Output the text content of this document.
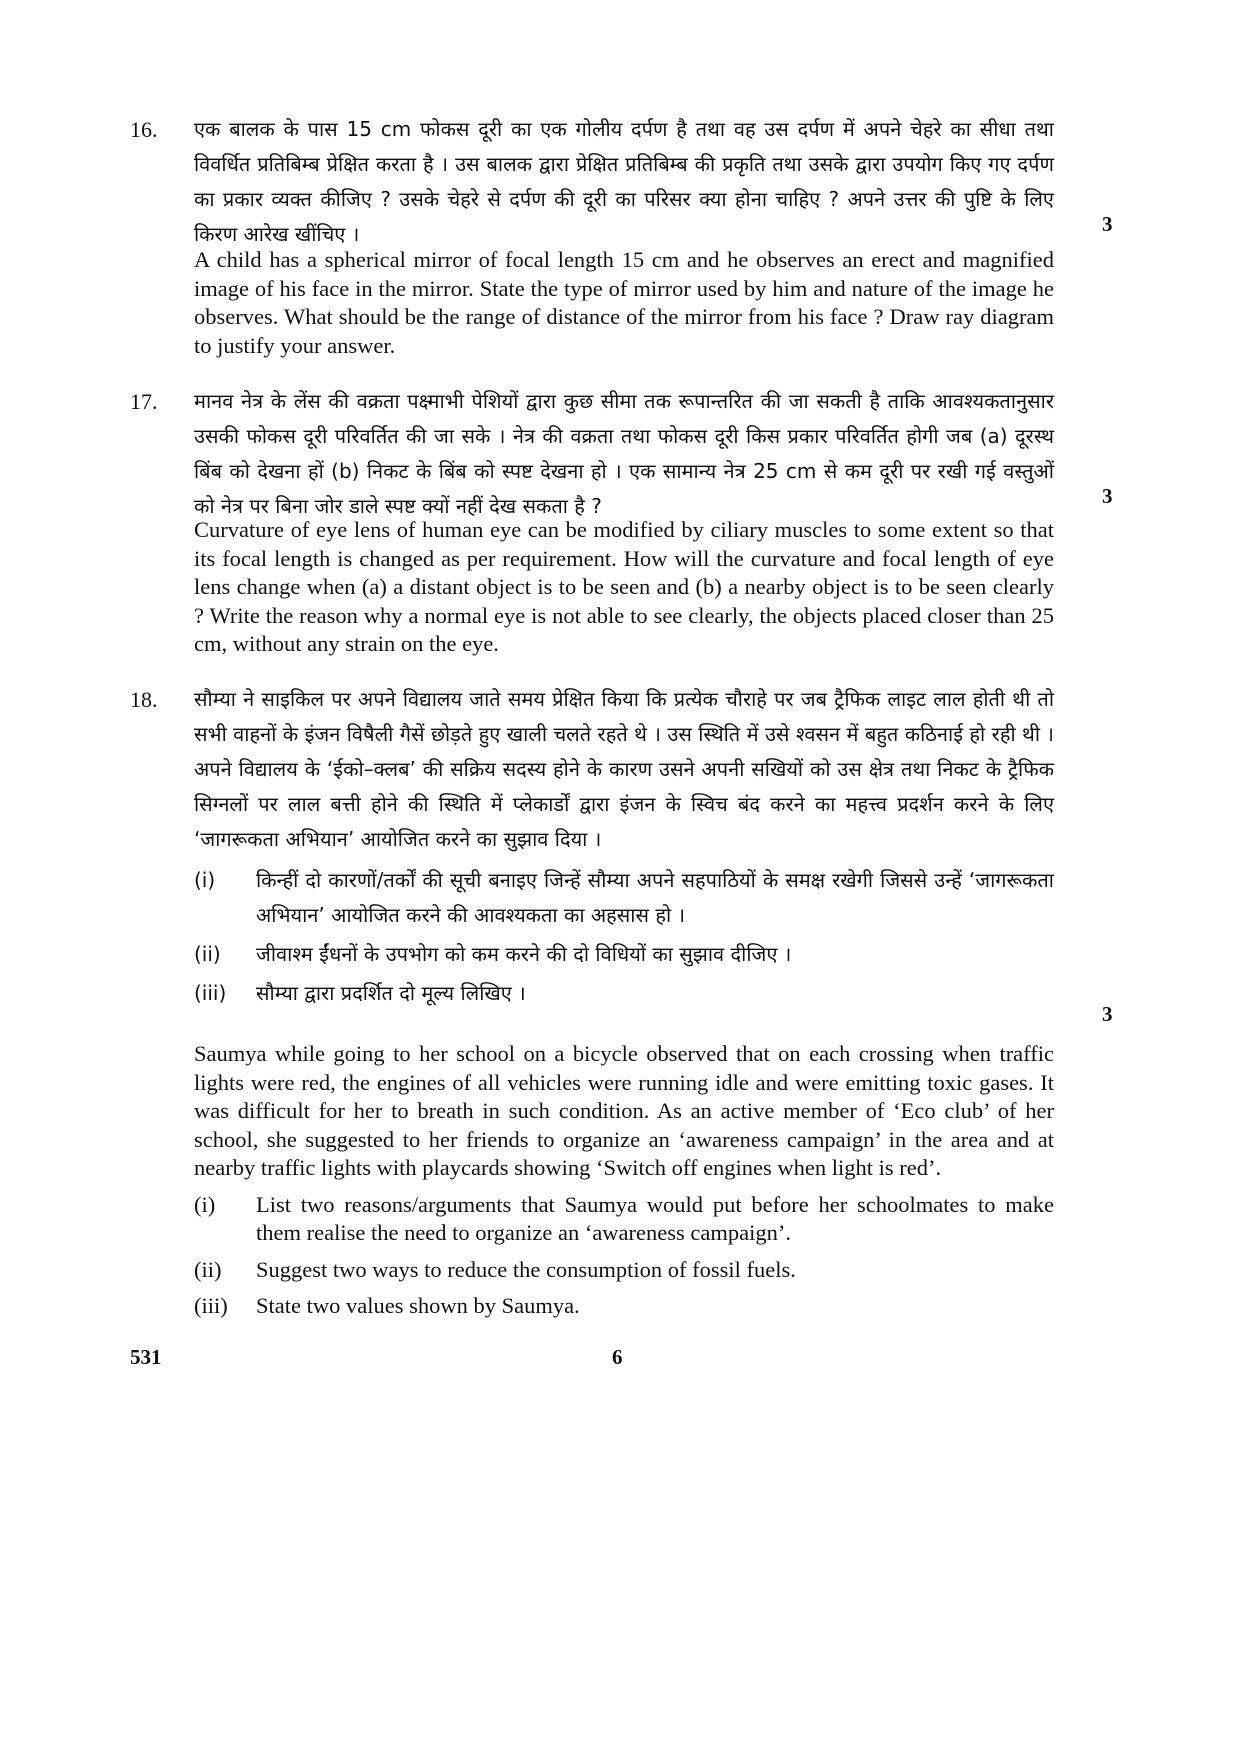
16. एक बालक के पास 15 cm फोकस दूरी का एक गोलीय दर्पण है तथा वह उस दर्पण में अपने चेहरे का सीधा तथा विवर्धित प्रतिबिम्ब प्रेक्षित करता है । उस बालक द्वारा प्रेक्षित प्रतिबिम्ब की प्रकृति तथा उसके द्वारा उपयोग किए गए दर्पण का प्रकार व्यक्त कीजिए ? उसके चेहरे से दर्पण की दूरी का परिसर क्या होना चाहिए ? अपने उत्तर की पुष्टि के लिए किरण आरेख खींचिए ।	3

A child has a spherical mirror of focal length 15 cm and he observes an erect and magnified image of his face in the mirror. State the type of mirror used by him and nature of the image he observes. What should be the range of distance of the mirror from his face ? Draw ray diagram to justify your answer.

17. मानव नेत्र के लेंस की वक्रता पक्ष्माभी पेशियों द्वारा कुछ सीमा तक रूपान्तरित की जा सकती है ताकि आवश्यकतानुसार उसकी फोकस दूरी परिवर्तित की जा सके । नेत्र की वक्रता तथा फोकस दूरी किस प्रकार परिवर्तित होगी जब (a) दूरस्थ बिंब को देखना हों (b) निकट के बिंब को स्पष्ट देखना हो । एक सामान्य नेत्र 25 cm से कम दूरी पर रखी गई वस्तुओं को नेत्र पर बिना जोर डाले स्पष्ट क्यों नहीं देख सकता है ?	3

Curvature of eye lens of human eye can be modified by ciliary muscles to some extent so that its focal length is changed as per requirement. How will the curvature and focal length of eye lens change when (a) a distant object is to be seen and (b) a nearby object is to be seen clearly ? Write the reason why a normal eye is not able to see clearly, the objects placed closer than 25 cm, without any strain on the eye.

18. सौम्या ने साइकिल पर अपने विद्यालय जाते समय प्रेक्षित किया कि प्रत्येक चौराहे पर जब ट्रैफिक लाइट लाल होती थी तो सभी वाहनों के इंजन विषैली गैसें छोड़ते हुए खाली चलते रहते थे । उस स्थिति में उसे श्वसन में बहुत कठिनाई हो रही थी । अपने विद्यालय के ‘ईको–क्लब’ की सक्रिय सदस्य होने के कारण उसने अपनी सखियों को उस क्षेत्र तथा निकट के ट्रैफिक सिग्नलों पर लाल बत्ती होने की स्थिति में प्लेकार्डों द्वारा इंजन के स्विच बंद करने का महत्त्व प्रदर्शन करने के लिए ‘जागरूकता अभियान’ आयोजित करने का सुझाव दिया ।

(i) किन्हीं दो कारणों/तर्कों की सूची बनाइए जिन्हें सौम्या अपने सहपाठियों के समक्ष रखेगी जिससे उन्हें ‘जागरूकता अभियान’ आयोजित करने की आवश्यकता का अहसास हो ।
(ii) जीवाश्म ईंधनों के उपभोग को कम करने की दो विधियों का सुझाव दीजिए ।
(iii) सौम्या द्वारा प्रदर्शित दो मूल्य लिखिए ।
3

Saumya while going to her school on a bicycle observed that on each crossing when traffic lights were red, the engines of all vehicles were running idle and were emitting toxic gases. It was difficult for her to breath in such condition. As an active member of ‘Eco club’ of her school, she suggested to her friends to organize an ‘awareness campaign’ in the area and at nearby traffic lights with playcards showing ‘Switch off engines when light is red’.

(i) List two reasons/arguments that Saumya would put before her schoolmates to make them realise the need to organize an ‘awareness campaign’.
(ii) Suggest two ways to reduce the consumption of fossil fuels.
(iii) State two values shown by Saumya.
531	6
